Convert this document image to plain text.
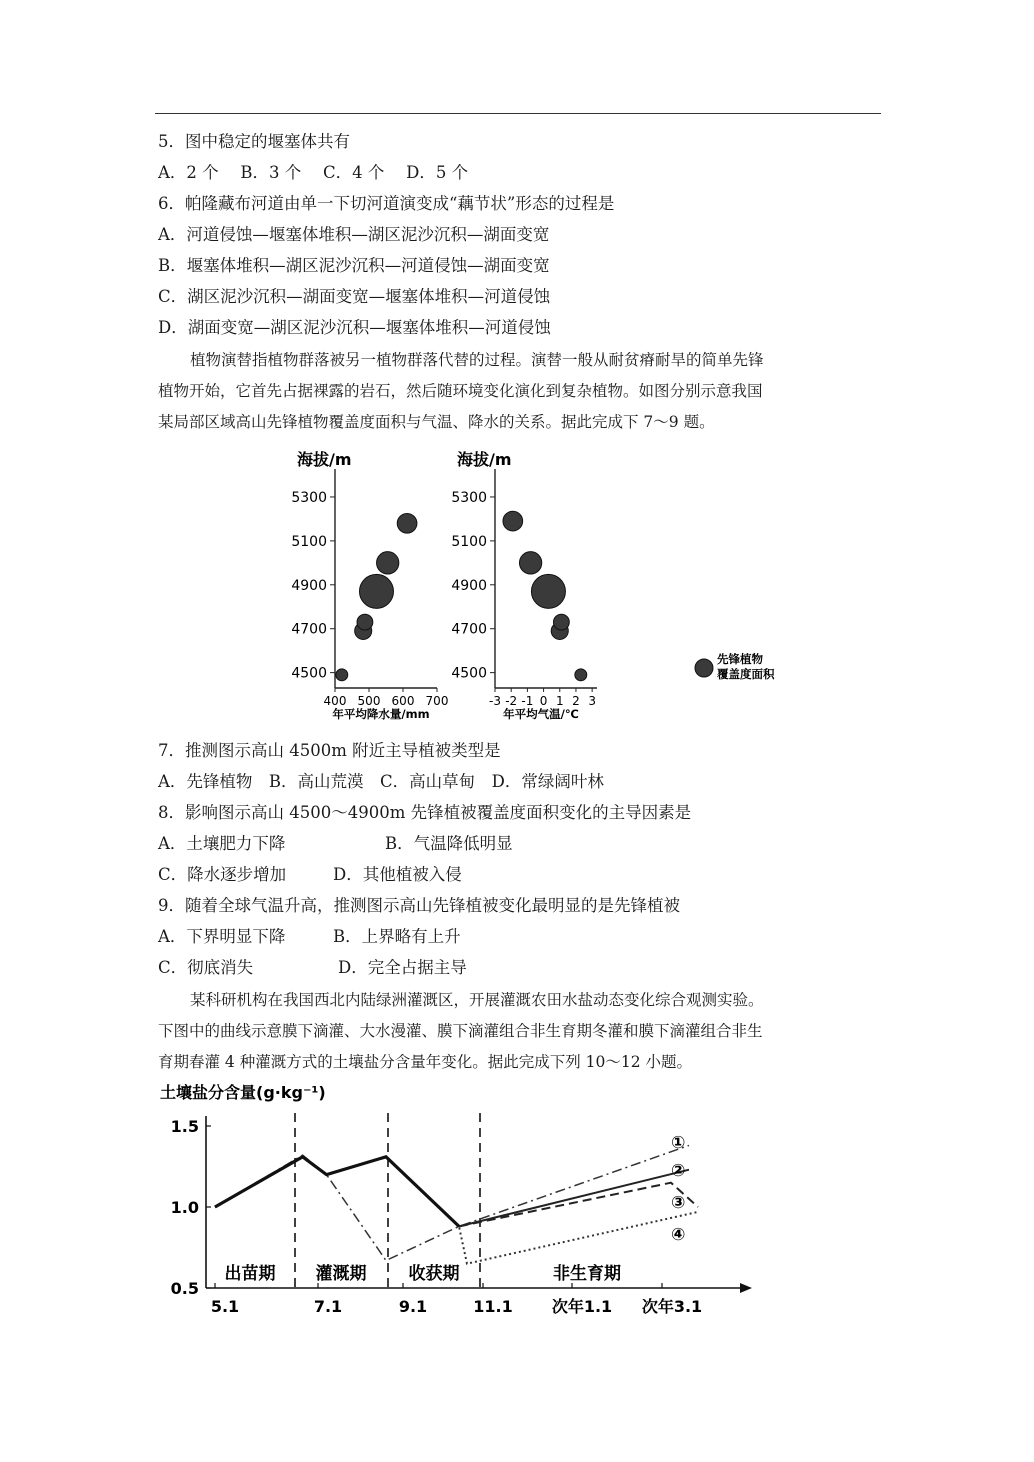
5．图中稳定的堰塞体共有
A．2 个　 B．3 个　 C．4 个　 D．5 个
6．帕隆藏布河道由单一下切河道演变成“藕节状”形态的过程是
A．河道侵蚀—堰塞体堆积—湖区泥沙沉积—湖面变宽
B．堰塞体堆积—湖区泥沙沉积—河道侵蚀—湖面变宽
C．湖区泥沙沉积—湖面变宽—堰塞体堆积—河道侵蚀
D．湖面变宽—湖区泥沙沉积—堰塞体堆积—河道侵蚀
植物演替指植物群落被另一植物群落代替的过程。演替一般从耐贫瘠耐旱的简单先锋
植物开始，它首先占据裸露的岩石，然后随环境变化演化到复杂植物。如图分别示意我国
某局部区域高山先锋植物覆盖度面积与气温、降水的关系。据此完成下 7～9 题。
海拔/m
4500
4700
4900
5100
5300
400 500 600 700
年平均降水量/mm
海拔/m
4500
4700
4900
5100
5300
-3 -2 -1 0 1 2 3
年平均气温/℃
先锋植物覆盖度面积
7．推测图示高山 4500m 附近主导植被类型是
A．先锋植物　B．高山荒漠　C．高山草甸　D．常绿阔叶林
8．影响图示高山 4500～4900m 先锋植被覆盖度面积变化的主导因素是
A．土壤肥力下降	B．气温降低明显
C．降水逐步增加	D．其他植被入侵
9．随着全球气温升高，推测图示高山先锋植被变化最明显的是先锋植被
A．下界明显下降	B．上界略有上升
C．彻底消失	D．完全占据主导
某科研机构在我国西北内陆绿洲灌溉区，开展灌溉农田水盐动态变化综合观测实验。
下图中的曲线示意膜下滴灌、大水漫灌、膜下滴灌组合非生育期冬灌和膜下滴灌组合非生
育期春灌 4 种灌溉方式的土壤盐分含量年变化。据此完成下列 10～12 小题。
土壤盐分含量(g·kg⁻¹)
0.5
1.0
1.5
5.1	7.1	9.1	11.1 次年1.1 次年3.1
出苗期 灌溉期 收获期	非生育期
①
②
③
④
